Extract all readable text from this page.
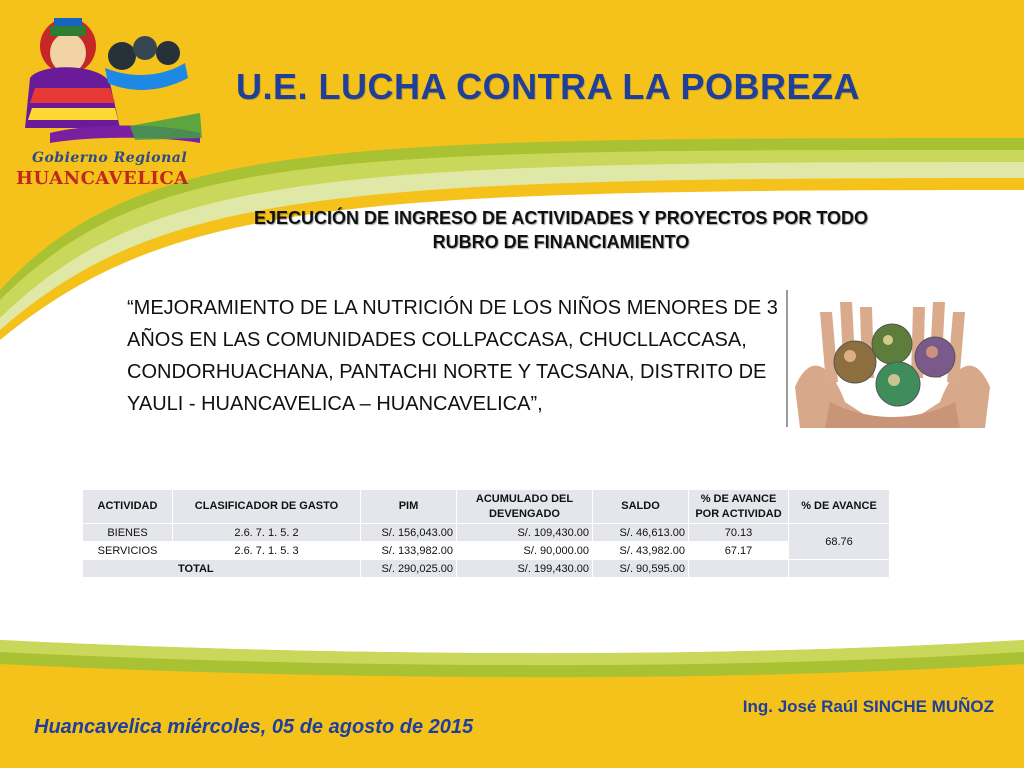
Gobierno Regional
HUANCAVELICA
U.E. LUCHA CONTRA LA POBREZA
EJECUCIÓN DE INGRESO DE ACTIVIDADES Y PROYECTOS POR TODO
RUBRO DE FINANCIAMIENTO
“MEJORAMIENTO DE LA NUTRICIÓN DE LOS NIÑOS MENORES DE 3 AÑOS EN LAS COMUNIDADES COLLPACCASA, CHUCLLACCASA, CONDORHUACHANA, PANTACHI NORTE Y TACSANA, DISTRITO DE YAULI - HUANCAVELICA – HUANCAVELICA”,
ACTIVIDAD	CLASIFICADOR DE GASTO	PIM	ACUMULADO DEL DEVENGADO	SALDO	% DE AVANCE POR ACTIVIDAD	% DE AVANCE
BIENES	2.6. 7. 1. 5. 2	S/. 156,043.00	S/. 109,430.00	S/. 46,613.00	70.13	68.76
SERVICIOS	2.6. 7. 1. 5. 3	S/. 133,982.00	S/. 90,000.00	S/. 43,982.00	67.17	
TOTAL		S/. 290,025.00	S/. 199,430.00	S/. 90,595.00		
Ing. José Raúl SINCHE MUÑOZ
Huancavelica miércoles, 05 de agosto de 2015
